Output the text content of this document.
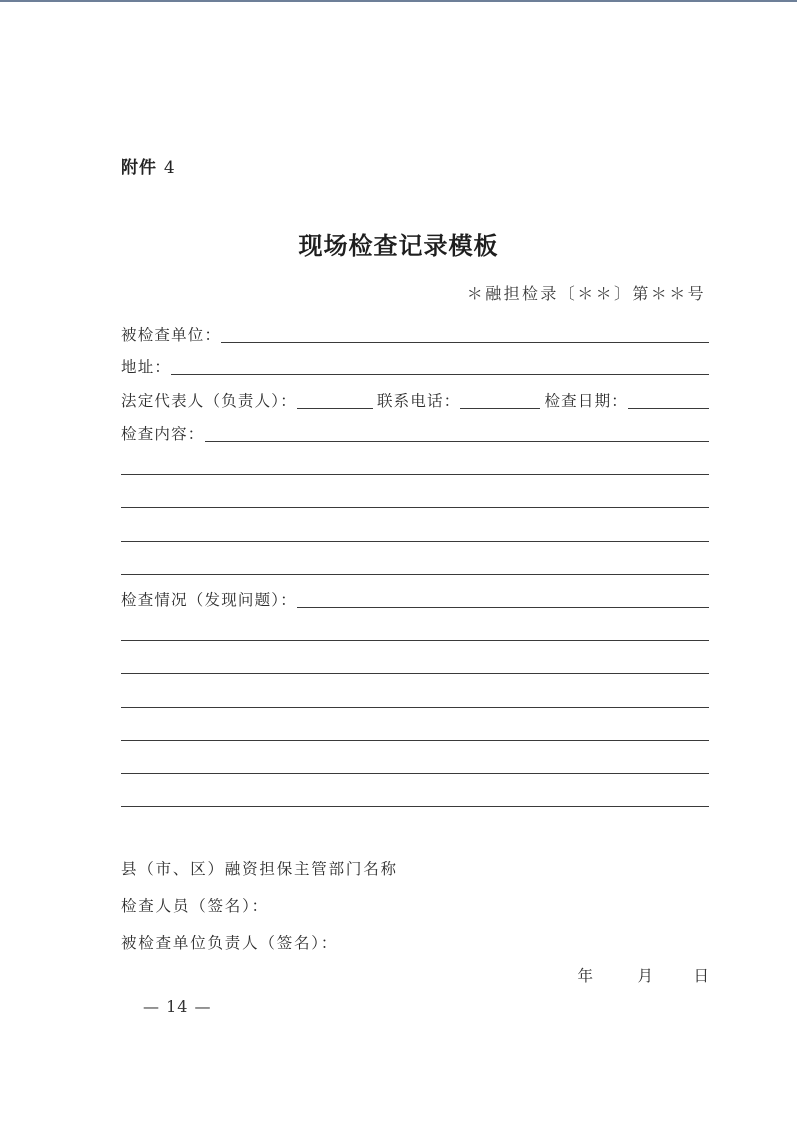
附件 4
现场检查记录模板
＊融担检录〔＊＊〕第＊＊号
被检查单位：
地址：
法定代表人（负责人）：	联系电话：	检查日期：
检查内容：
检查情况（发现问题）：
县（市、区）融资担保主管部门名称
检查人员（签名）：
被检查单位负责人（签名）：
年	月	日
— 14 —
